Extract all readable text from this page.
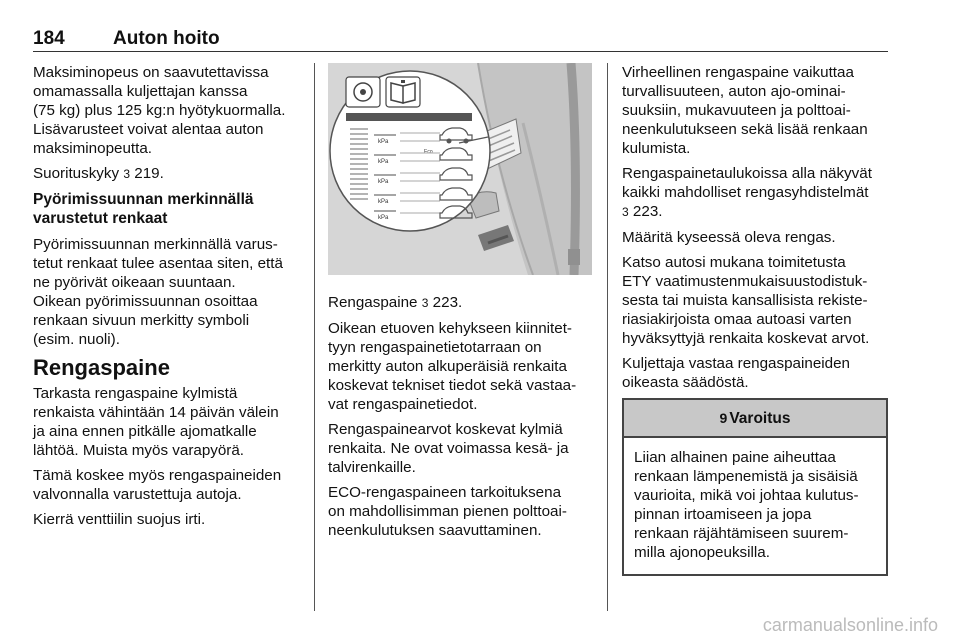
184	Auton hoito

Maksiminopeus on saavutettavissa
omamassalla kuljettajan kanssa
(75 kg) plus 125 kg:n hyötykuormalla.
Lisävarusteet voivat alentaa auton
maksiminopeutta.

Suorituskyky 3 219.

Pyörimissuunnan merkinnällä
varustetut renkaat

Pyörimissuunnan merkinnällä varus-
tetut renkaat tulee asentaa siten, että
ne pyörivät oikeaan suuntaan.
Oikean pyörimissuunnan osoittaa
renkaan sivuun merkitty symboli
(esim. nuoli).

Rengaspaine

Tarkasta rengaspaine kylmistä
renkaista vähintään 14 päivän välein
ja aina ennen pitkälle ajomatkalle
lähtöä. Muista myös varapyörä.

Tämä koskee myös rengaspaineiden
valvonnalla varustettuja autoja.

Kierrä venttiilin suojus irti.

kPa
kPa
kPa
kPa
kPa
Eco

Rengaspaine 3 223.

Oikean etuoven kehykseen kiinnitet-
tyyn rengaspainetietotarraan on
merkitty auton alkuperäisiä renkaita
koskevat tekniset tiedot sekä vastaa-
vat rengaspainetiedot.

Rengaspainearvot koskevat kylmiä
renkaita. Ne ovat voimassa kesä- ja
talvirenkaille.

ECO-rengaspaineen tarkoituksena
on mahdollisimman pienen polttoai-
neenkulutuksen saavuttaminen.

Virheellinen rengaspaine vaikuttaa
turvallisuuteen, auton ajo-ominai-
suuksiin, mukavuuteen ja polttoai-
neenkulutukseen sekä lisää renkaan
kulumista.

Rengaspainetaulukoissa alla näkyvät
kaikki mahdolliset rengasyhdistelmät
3 223.

Määritä kyseessä oleva rengas.

Katso autosi mukana toimitetusta
ETY vaatimustenmukaisuustodistuk-
sesta tai muista kansallisista rekiste-
riasiakirjoista omaa autoasi varten
hyväksyttyjä renkaita koskevat arvot.

Kuljettaja vastaa rengaspaineiden
oikeasta säädöstä.

9 Varoitus
Liian alhainen paine aiheuttaa
renkaan lämpenemistä ja sisäisiä
vaurioita, mikä voi johtaa kulutus-
pinnan irtoamiseen ja jopa
renkaan räjähtämiseen suurem-
milla ajonopeuksilla.
carmanualsonline.info
